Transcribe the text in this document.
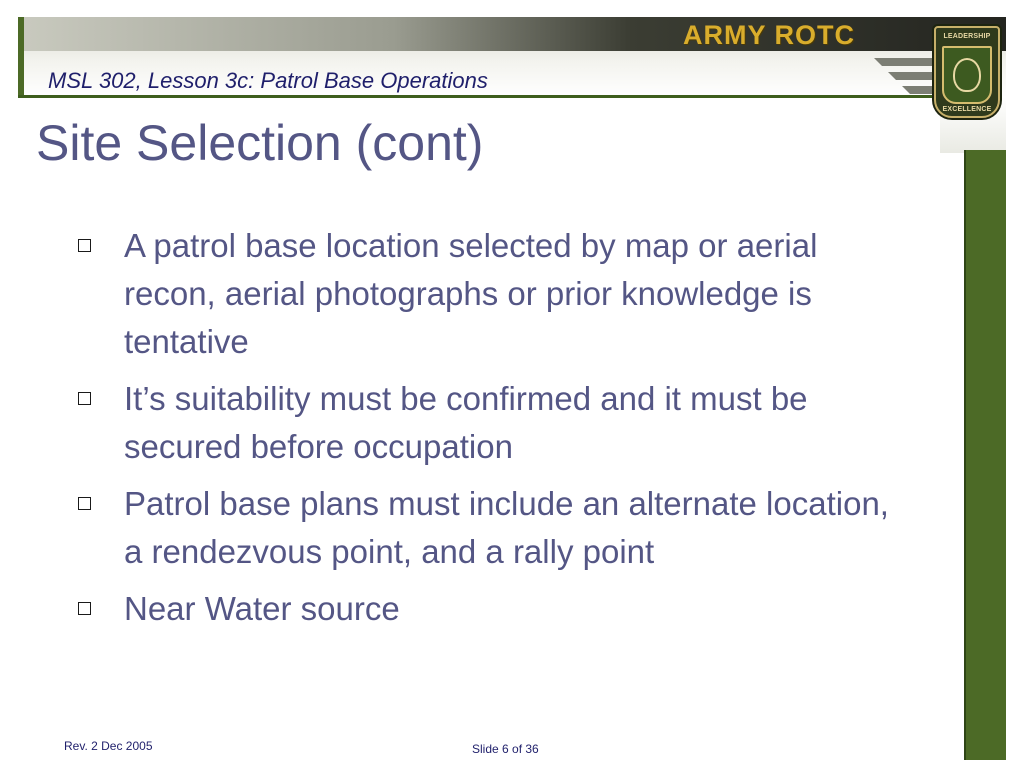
MSL 302, Lesson 3c: Patrol Base Operations
ARMY ROTC	LEADERSHIP
EXCELLENCE
Site Selection (cont)
A patrol base location selected by map or aerial recon, aerial photographs or prior knowledge is tentative
It’s suitability must be confirmed and it must be secured before occupation
Patrol base plans must include an alternate location, a rendezvous point, and a rally point
Near Water source
Rev. 2 Dec 2005	Slide 6 of 36
